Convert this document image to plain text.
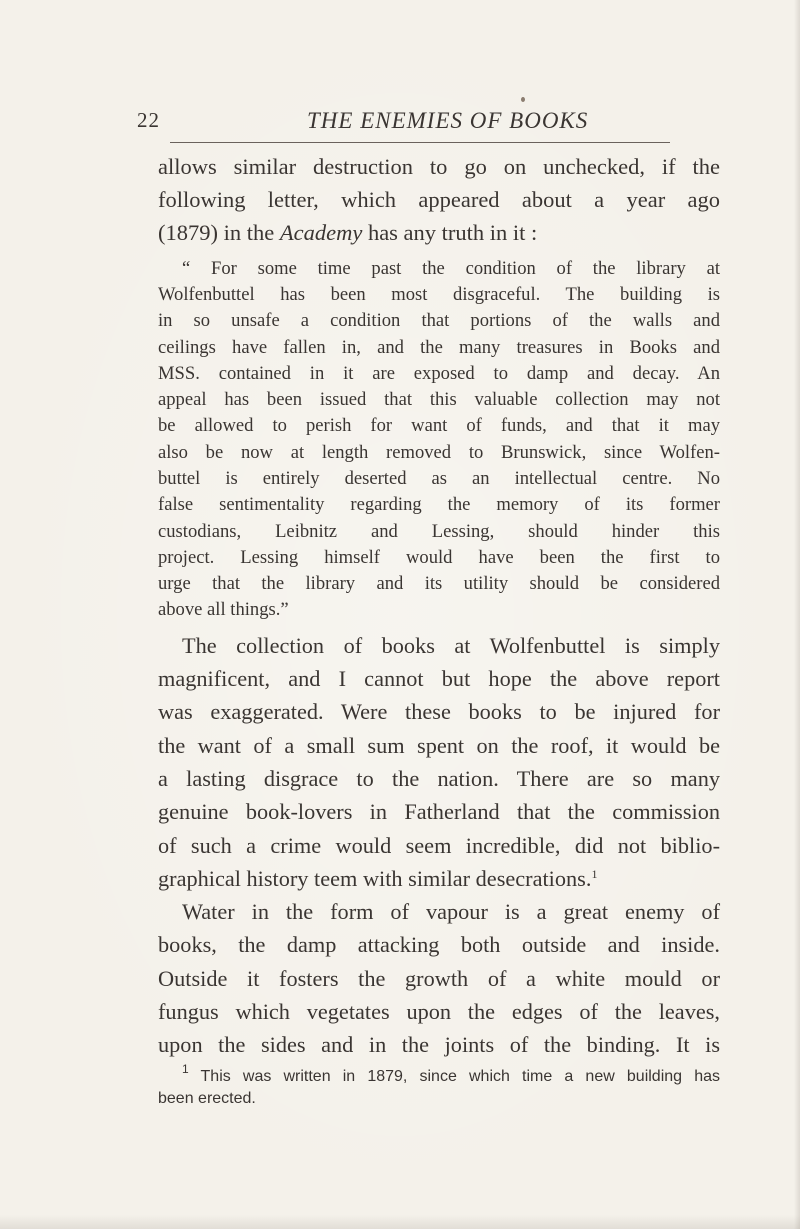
22	THE ENEMIES OF BOOKS
allows similar destruction to go on unchecked, if the
following letter, which appeared about a year ago
(1879) in the Academy has any truth in it :
“ For some time past the condition of the library at
Wolfenbuttel has been most disgraceful. The building is
in so unsafe a condition that portions of the walls and
ceilings have fallen in, and the many treasures in Books and
MSS. contained in it are exposed to damp and decay. An
appeal has been issued that this valuable collection may not
be allowed to perish for want of funds, and that it may
also be now at length removed to Brunswick, since Wolfen-
buttel is entirely deserted as an intellectual centre. No
false sentimentality regarding the memory of its former
custodians, Leibnitz and Lessing, should hinder this
project. Lessing himself would have been the first to
urge that the library and its utility should be considered
above all things.”
The collection of books at Wolfenbuttel is simply
magnificent, and I cannot but hope the above report
was exaggerated. Were these books to be injured for
the want of a small sum spent on the roof, it would be
a lasting disgrace to the nation. There are so many
genuine book-lovers in Fatherland that the commission
of such a crime would seem incredible, did not biblio-
graphical history teem with similar desecrations.$^1$
Water in the form of vapour is a great enemy of
books, the damp attacking both outside and inside.
Outside it fosters the growth of a white mould or
fungus which vegetates upon the edges of the leaves,
upon the sides and in the joints of the binding. It is
$^1$ This was written in 1879, since which time a new building has
been erected.
